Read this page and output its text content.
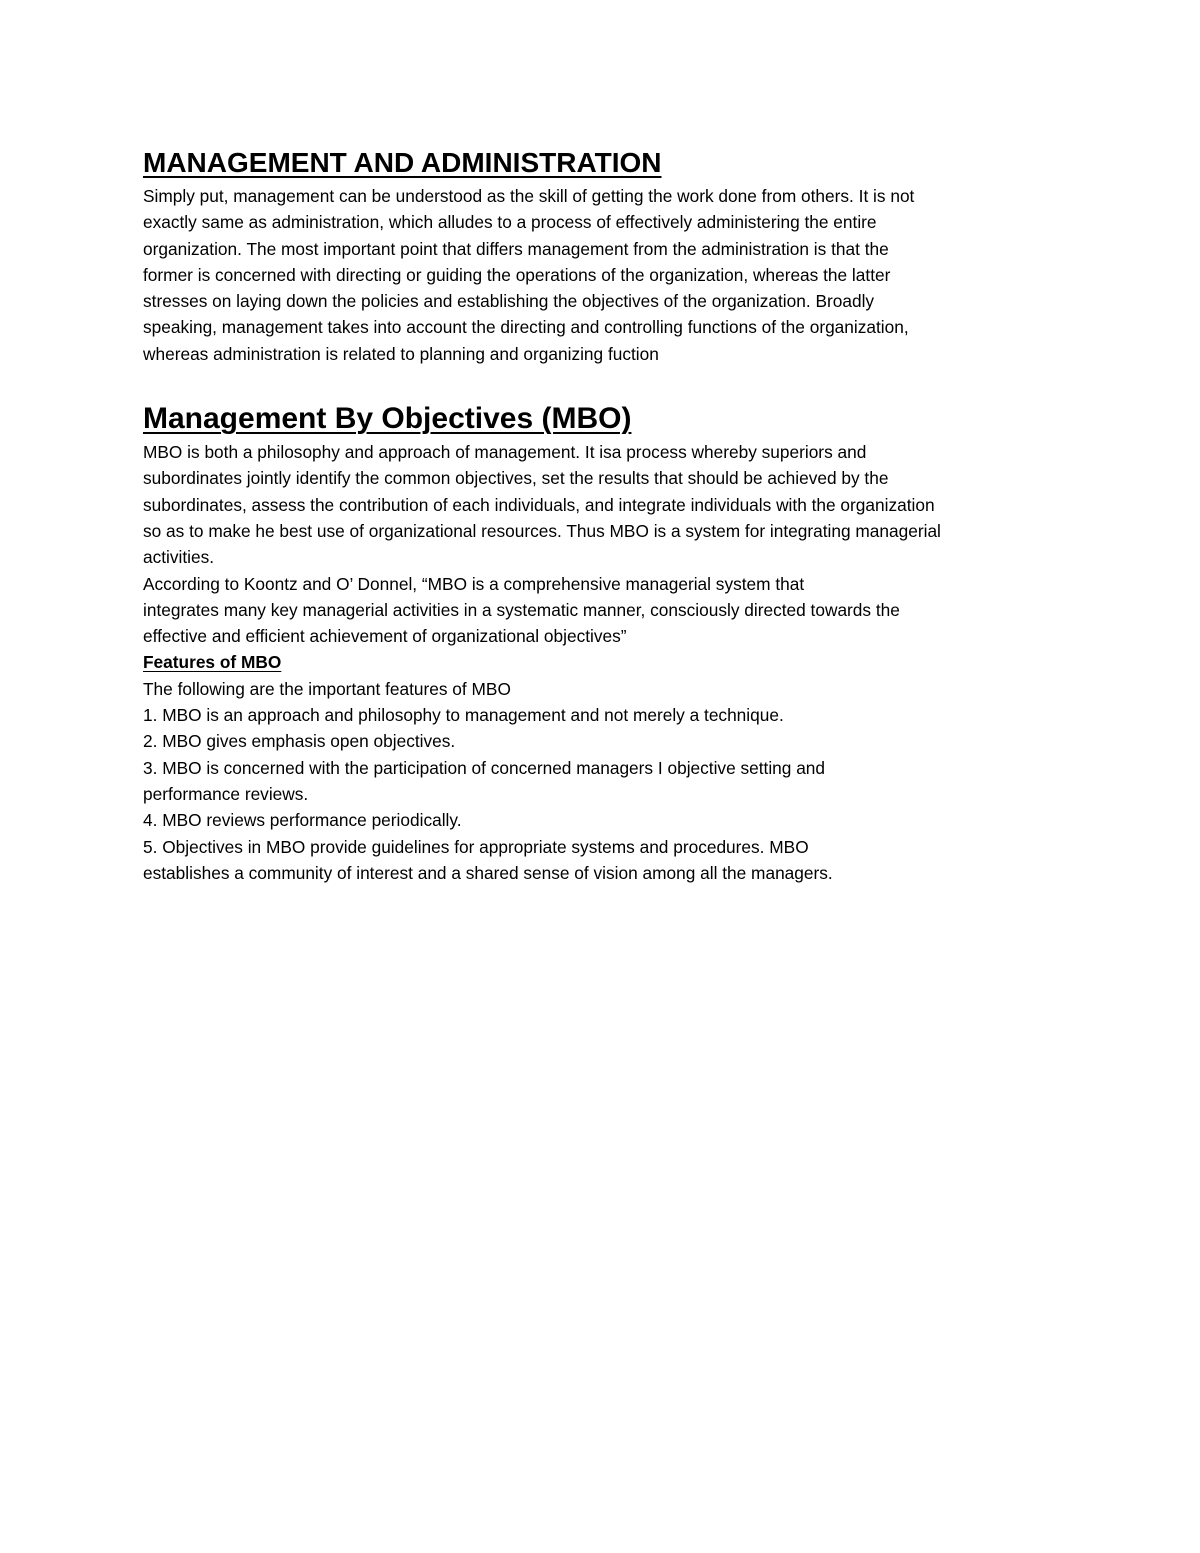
MANAGEMENT AND ADMINISTRATION
Simply put, management can be understood as the skill of getting the work done from others. It is not
exactly same as administration, which alludes to a process of effectively administering the entire
organization. The most important point that differs management from the administration is that the
former is concerned with directing or guiding the operations of the organization, whereas the latter
stresses on laying down the policies and establishing the objectives of the organization. Broadly
speaking, management takes into account the directing and controlling functions of the organization,
whereas administration is related to planning and organizing fuction
Management By Objectives (MBO)
MBO is both a philosophy and approach of management. It isa process whereby superiors and
subordinates jointly identify the common objectives, set the results that should be achieved by the
subordinates, assess the contribution of each individuals, and integrate individuals with the organization
so as to make he best use of organizational resources. Thus MBO is a system for integrating managerial
activities.
According to Koontz and O’ Donnel, “MBO is a comprehensive managerial system that
integrates many key managerial activities in a systematic manner, consciously directed towards the
effective and efficient achievement of organizational objectives”
Features of MBO
The following are the important features of MBO
1. MBO is an approach and philosophy to management and not merely a technique.
2. MBO gives emphasis open objectives.
3. MBO is concerned with the participation of concerned managers I objective setting and
performance reviews.
4. MBO reviews performance periodically.
5. Objectives in MBO provide guidelines for appropriate systems and procedures. MBO
establishes a community of interest and a shared sense of vision among all the managers.
